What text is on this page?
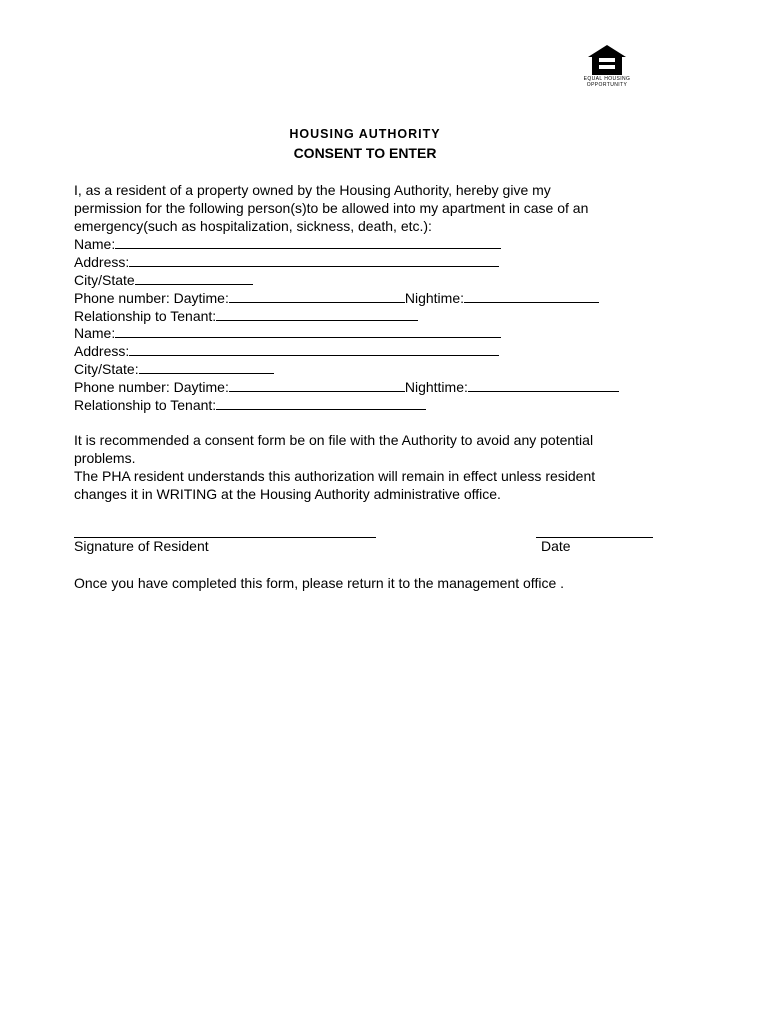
EQUAL HOUSING
OPPORTUNITY
HOUSING AUTHORITY
CONSENT TO ENTER
I, as a resident of a property owned by the Housing Authority, hereby give my
permission for the following person(s)to be allowed into my apartment in case of an
emergency(such as hospitalization, sickness, death, etc.):
Name:
Address:
City/State
Phone number: Daytime:	Nightime:
Relationship to Tenant:
Name:
Address:
City/State:
Phone number: Daytime:	Nighttime:
Relationship to Tenant:
It is recommended a consent form be on file with the Authority to avoid any potential
problems.
The PHA resident understands this authorization will remain in effect unless resident
changes it in WRITING at the Housing Authority administrative office.
Signature of Resident	Date
Once you have completed this form, please return it to the management office .
